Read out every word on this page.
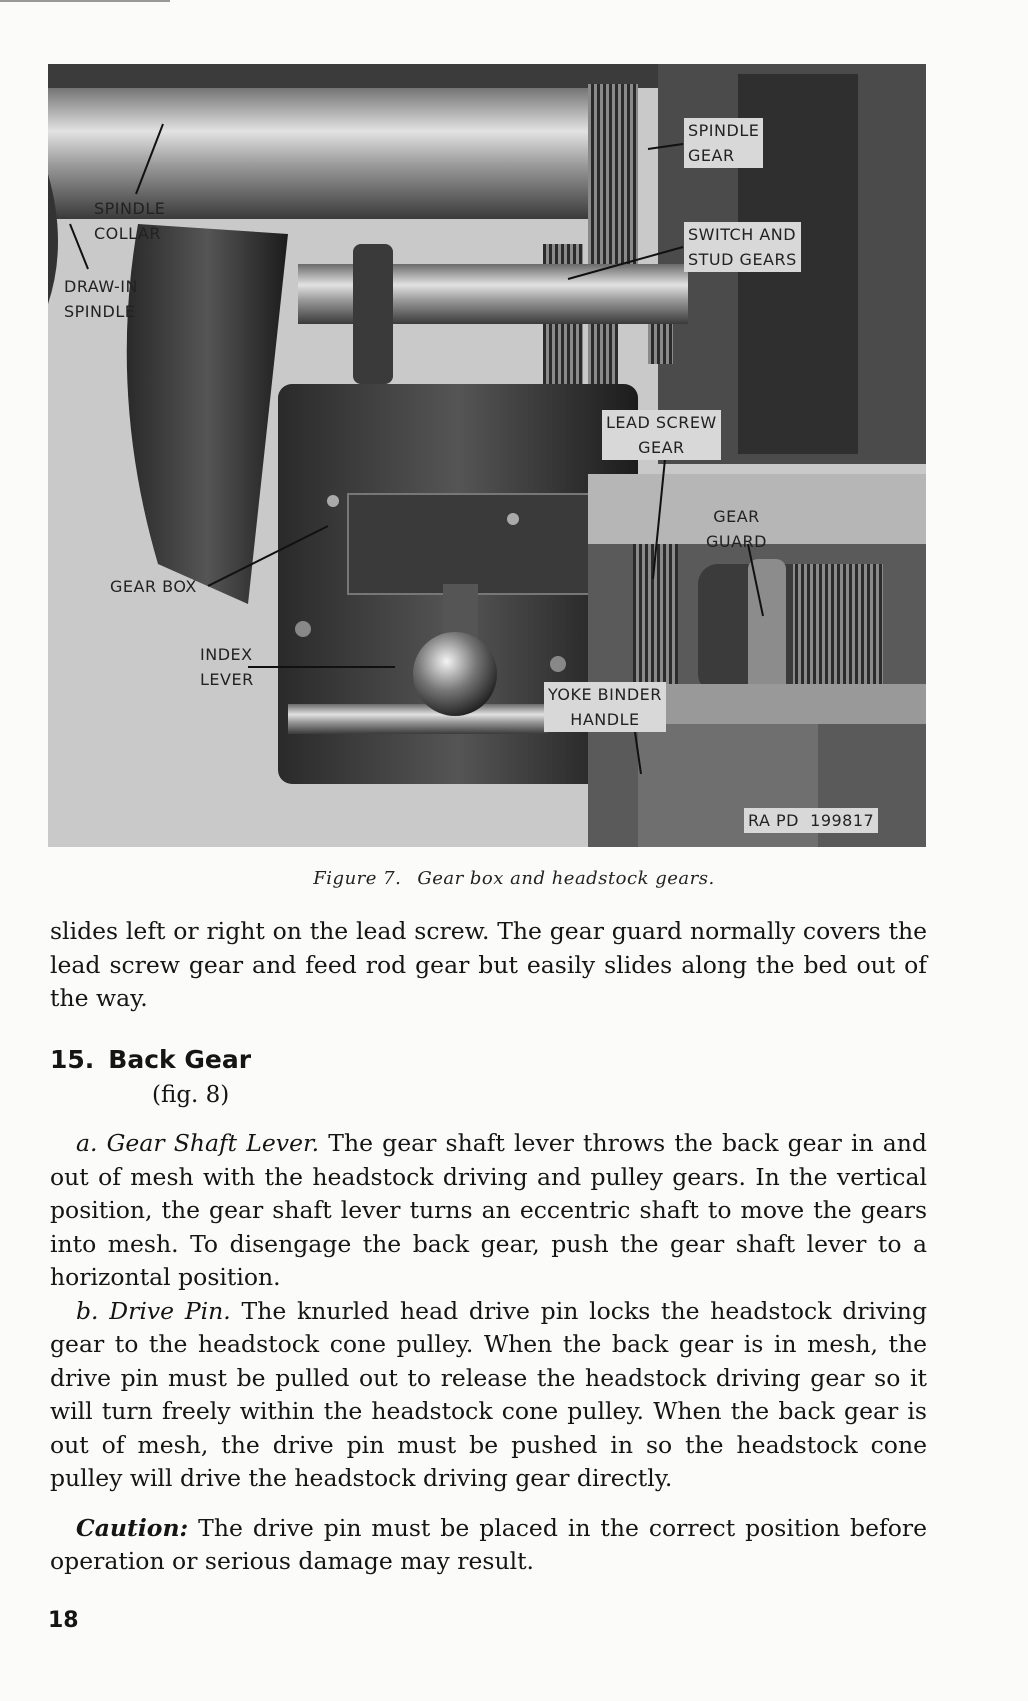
SPINDLE
COLLAR
DRAW-IN
SPINDLE
SPINDLE
GEAR
SWITCH AND
STUD GEARS
LEAD SCREW
GEAR
GEAR
GUARD
GEAR BOX
INDEX
LEVER
YOKE BINDER
HANDLE
RA PD  199817
Figure 7. Gear box and headstock gears.

slides left or right on the lead screw. The gear guard normally covers the lead screw gear and feed rod gear but easily slides along the bed out of the way.

15. Back Gear
(fig. 8)

a. Gear Shaft Lever. The gear shaft lever throws the back gear in and out of mesh with the headstock driving and pulley gears. In the vertical position, the gear shaft lever turns an eccentric shaft to move the gears into mesh. To disengage the back gear, push the gear shaft lever to a horizontal position.

b. Drive Pin. The knurled head drive pin locks the headstock driving gear to the headstock cone pulley. When the back gear is in mesh, the drive pin must be pulled out to release the headstock driving gear so it will turn freely within the headstock cone pulley. When the back gear is out of mesh, the drive pin must be pushed in so the headstock cone pulley will drive the headstock driving gear directly.

Caution: The drive pin must be placed in the correct position before operation or serious damage may result.

18
